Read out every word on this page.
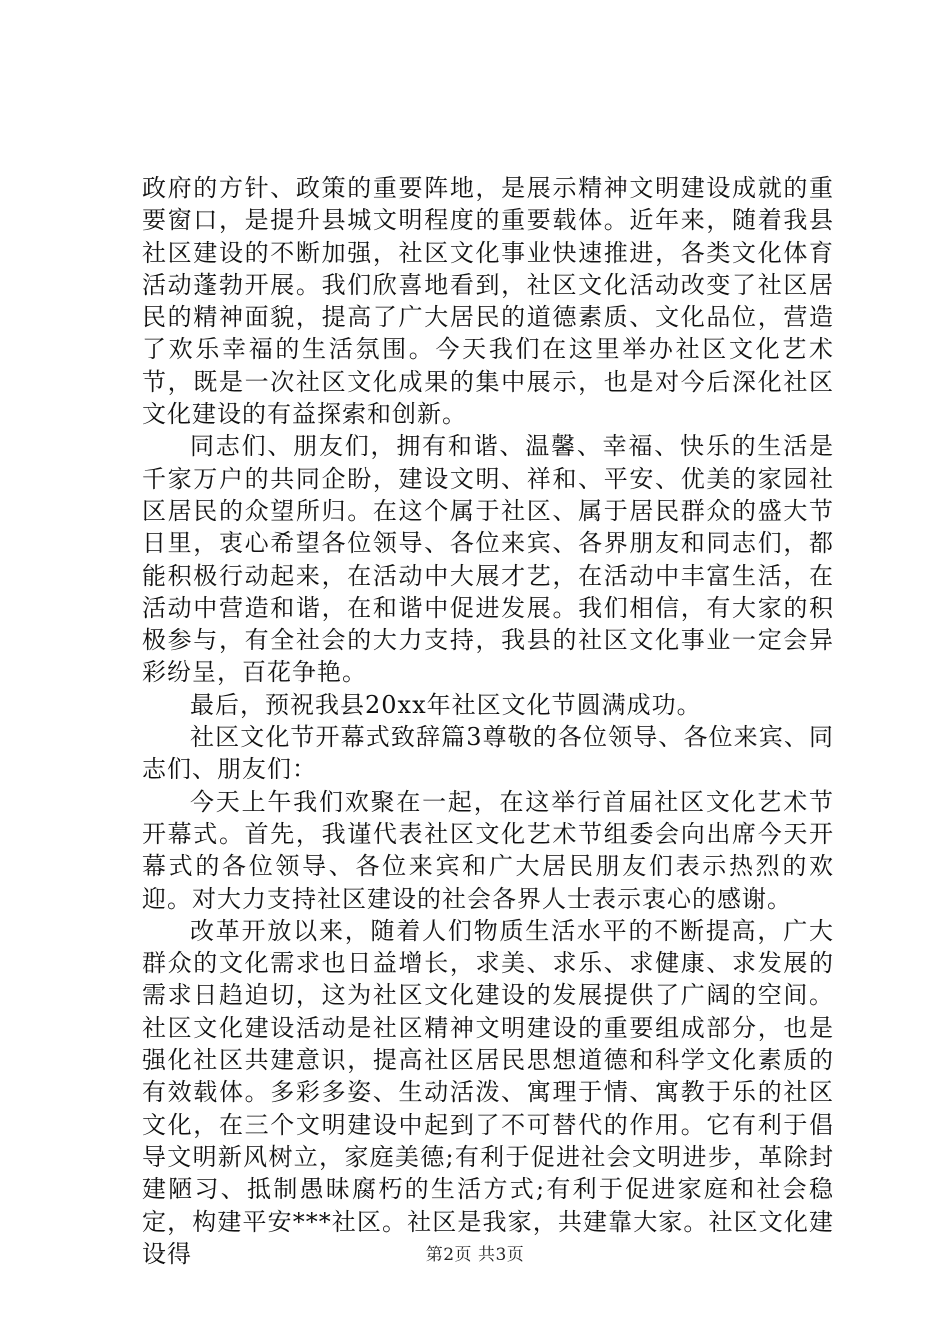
政府的方针、政策的重要阵地，是展示精神文明建设成就的重要窗口，是提升县城文明程度的重要载体。近年来，随着我县社区建设的不断加强，社区文化事业快速推进，各类文化体育活动蓬勃开展。我们欣喜地看到，社区文化活动改变了社区居民的精神面貌，提高了广大居民的道德素质、文化品位，营造了欢乐幸福的生活氛围。今天我们在这里举办社区文化艺术节，既是一次社区文化成果的集中展示，也是对今后深化社区文化建设的有益探索和创新。

同志们、朋友们，拥有和谐、温馨、幸福、快乐的生活是千家万户的共同企盼，建设文明、祥和、平安、优美的家园社区居民的众望所归。在这个属于社区、属于居民群众的盛大节日里，衷心希望各位领导、各位来宾、各界朋友和同志们，都能积极行动起来，在活动中大展才艺，在活动中丰富生活，在活动中营造和谐，在和谐中促进发展。我们相信，有大家的积极参与，有全社会的大力支持，我县的社区文化事业一定会异彩纷呈，百花争艳。

最后，预祝我县20xx年社区文化节圆满成功。

社区文化节开幕式致辞篇3尊敬的各位领导、各位来宾、同志们、朋友们：

今天上午我们欢聚在一起，在这举行首届社区文化艺术节开幕式。首先，我谨代表社区文化艺术节组委会向出席今天开幕式的各位领导、各位来宾和广大居民朋友们表示热烈的欢迎。对大力支持社区建设的社会各界人士表示衷心的感谢。

改革开放以来，随着人们物质生活水平的不断提高，广大群众的文化需求也日益增长，求美、求乐、求健康、求发展的需求日趋迫切，这为社区文化建设的发展提供了广阔的空间。社区文化建设活动是社区精神文明建设的重要组成部分，也是强化社区共建意识，提高社区居民思想道德和科学文化素质的有效载体。多彩多姿、生动活泼、寓理于情、寓教于乐的社区文化，在三个文明建设中起到了不可替代的作用。它有利于倡导文明新风树立，家庭美德;有利于促进社会文明进步，革除封建陋习、抵制愚昧腐朽的生活方式;有利于促进家庭和社会稳定，构建平安***社区。社区是我家，共建靠大家。社区文化建设得	第2页 共3页
